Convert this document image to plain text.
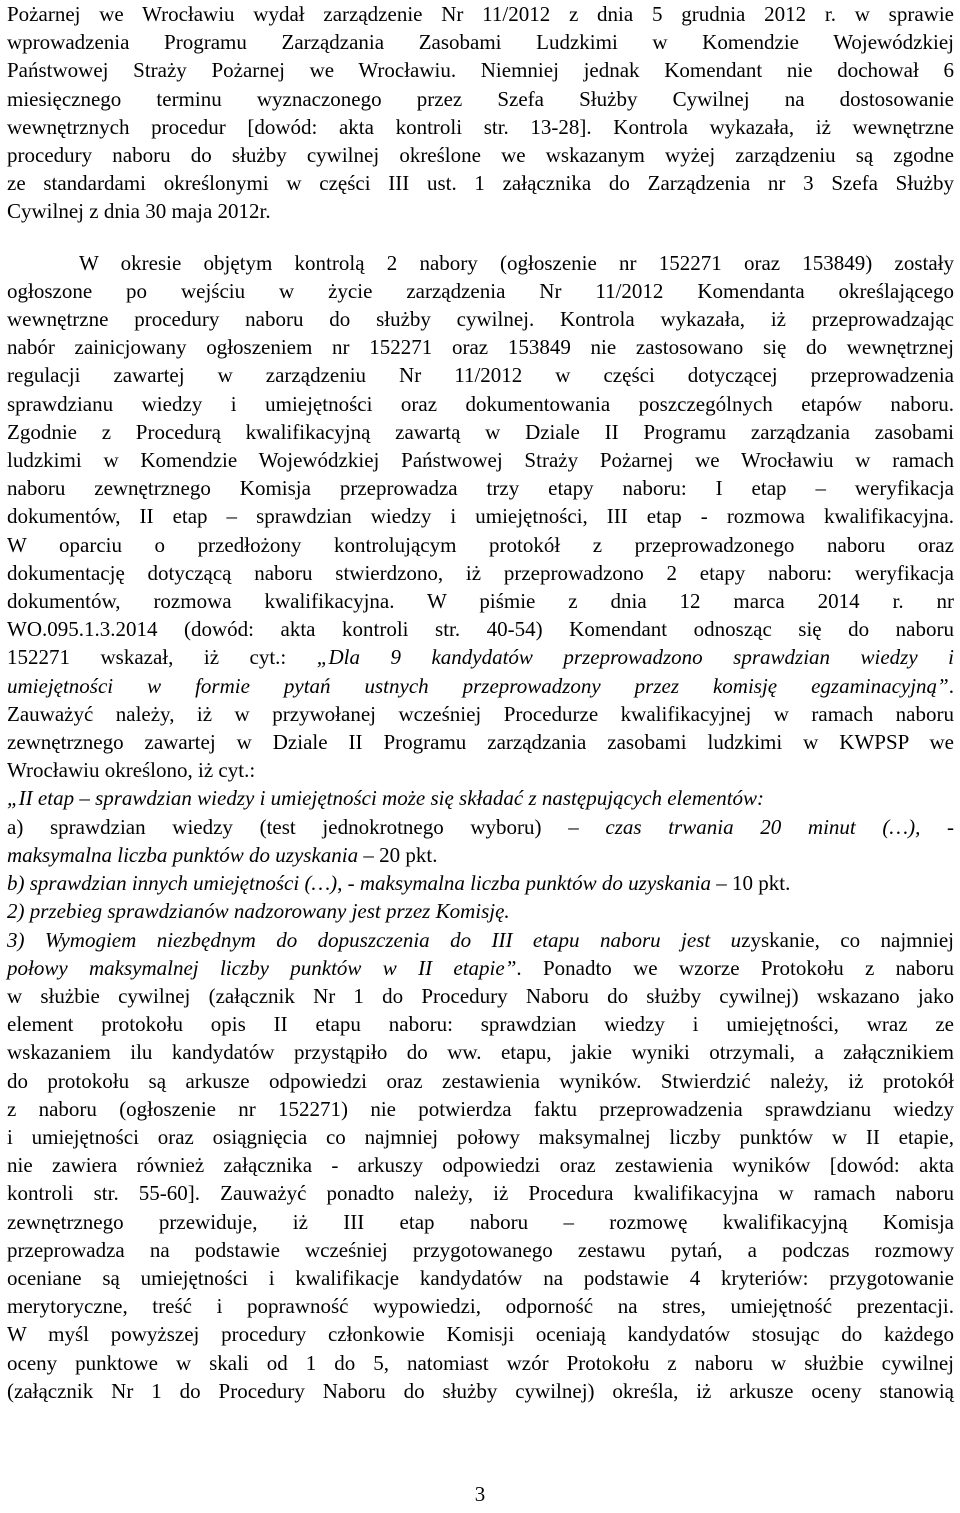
Pożarnej we Wrocławiu wydał zarządzenie Nr 11/2012 z dnia 5 grudnia 2012 r. w sprawie
wprowadzenia Programu Zarządzania Zasobami Ludzkimi w Komendzie Wojewódzkiej
Państwowej Straży Pożarnej we Wrocławiu. Niemniej jednak Komendant nie dochował 6
miesięcznego terminu wyznaczonego przez Szefa Służby Cywilnej na dostosowanie
wewnętrznych procedur [dowód: akta kontroli str. 13-28]. Kontrola wykazała, iż wewnętrzne
procedury naboru do służby cywilnej określone we wskazanym wyżej zarządzeniu są zgodne
ze standardami określonymi w części III ust. 1 załącznika do Zarządzenia nr 3 Szefa Służby
Cywilnej z dnia 30 maja 2012r.

W okresie objętym kontrolą 2 nabory (ogłoszenie nr 152271 oraz 153849) zostały
ogłoszone po wejściu w życie zarządzenia Nr 11/2012 Komendanta określającego
wewnętrzne procedury naboru do służby cywilnej. Kontrola wykazała, iż przeprowadzając
nabór zainicjowany ogłoszeniem nr 152271 oraz 153849 nie zastosowano się do wewnętrznej
regulacji zawartej w zarządzeniu Nr 11/2012 w części dotyczącej przeprowadzenia
sprawdzianu wiedzy i umiejętności oraz dokumentowania poszczególnych etapów naboru.
Zgodnie z Procedurą kwalifikacyjną zawartą w Dziale II Programu zarządzania zasobami
ludzkimi w Komendzie Wojewódzkiej Państwowej Straży Pożarnej we Wrocławiu w ramach
naboru zewnętrznego Komisja przeprowadza trzy etapy naboru: I etap – weryfikacja
dokumentów, II etap – sprawdzian wiedzy i umiejętności, III etap - rozmowa kwalifikacyjna.
W oparciu o przedłożony kontrolującym protokół z przeprowadzonego naboru oraz
dokumentację dotyczącą naboru stwierdzono, iż przeprowadzono 2 etapy naboru: weryfikacja
dokumentów, rozmowa kwalifikacyjna. W piśmie z dnia 12 marca 2014 r. nr
WO.095.1.3.2014 (dowód: akta kontroli str. 40-54) Komendant odnosząc się do naboru
152271 wskazał, iż cyt.: „Dla 9 kandydatów przeprowadzono sprawdzian wiedzy i
umiejętności w formie pytań ustnych przeprowadzony przez komisję egzaminacyjną”.
Zauważyć należy, iż w przywołanej wcześniej Procedurze kwalifikacyjnej w ramach naboru
zewnętrznego zawartej w Dziale II Programu zarządzania zasobami ludzkimi w KWPSP we
Wrocławiu określono, iż cyt.:
„II etap – sprawdzian wiedzy i umiejętności może się składać z następujących elementów:
a) sprawdzian wiedzy (test jednokrotnego wyboru) – czas trwania 20 minut (…), -
maksymalna liczba punktów do uzyskania – 20 pkt.
b) sprawdzian innych umiejętności (…), - maksymalna liczba punktów do uzyskania – 10 pkt.
2) przebieg sprawdzianów nadzorowany jest przez Komisję.
3) Wymogiem niezbędnym do dopuszczenia do III etapu naboru jest uzyskanie, co najmniej
połowy maksymalnej liczby punktów w II etapie”. Ponadto we wzorze Protokołu z naboru
w służbie cywilnej (załącznik Nr 1 do Procedury Naboru do służby cywilnej) wskazano jako
element protokołu opis II etapu naboru: sprawdzian wiedzy i umiejętności, wraz ze
wskazaniem ilu kandydatów przystąpiło do ww. etapu, jakie wyniki otrzymali, a załącznikiem
do protokołu są arkusze odpowiedzi oraz zestawienia wyników. Stwierdzić należy, iż protokół
z naboru (ogłoszenie nr 152271) nie potwierdza faktu przeprowadzenia sprawdzianu wiedzy
i umiejętności oraz osiągnięcia co najmniej połowy maksymalnej liczby punktów w II etapie,
nie zawiera również załącznika - arkuszy odpowiedzi oraz zestawienia wyników [dowód: akta
kontroli str. 55-60]. Zauważyć ponadto należy, iż Procedura kwalifikacyjna w ramach naboru
zewnętrznego przewiduje, iż III etap naboru – rozmowę kwalifikacyjną Komisja
przeprowadza na podstawie wcześniej przygotowanego zestawu pytań, a podczas rozmowy
oceniane są umiejętności i kwalifikacje kandydatów na podstawie 4 kryteriów: przygotowanie
merytoryczne, treść i poprawność wypowiedzi, odporność na stres, umiejętność prezentacji.
W myśl powyższej procedury członkowie Komisji oceniają kandydatów stosując do każdego
oceny punktowe w skali od 1 do 5, natomiast wzór Protokołu z naboru w służbie cywilnej
(załącznik Nr 1 do Procedury Naboru do służby cywilnej) określa, iż arkusze oceny stanowią

3
